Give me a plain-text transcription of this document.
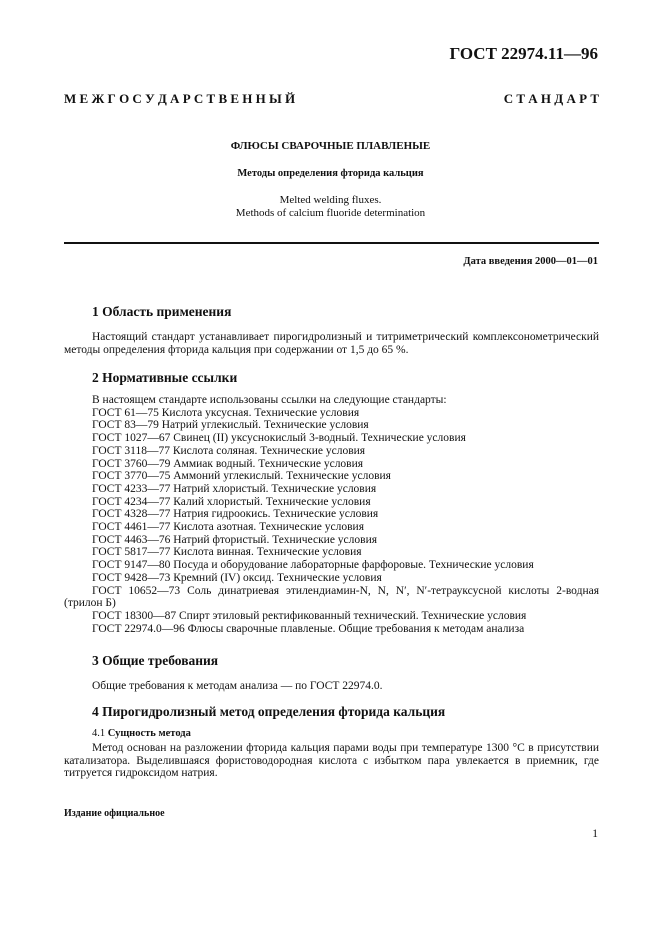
ГОСТ 22974.11—96
М Е Ж Г О С У Д А Р С Т В Е Н Н Ы Й	С Т А Н Д А Р Т
ФЛЮСЫ СВАРОЧНЫЕ ПЛАВЛЕНЫЕ
Методы определения фторида кальция
Melted welding fluxes.
Methods of calcium fluoride determination
Дата введения 2000—01—01
1 Область применения
Настоящий стандарт устанавливает пирогидролизный и титриметрический комплексонометрический методы определения фторида кальция при содержании от 1,5 до 65 %.
2 Нормативные ссылки
В настоящем стандарте использованы ссылки на следующие стандарты:
ГОСТ 61—75 Кислота уксусная. Технические условия
ГОСТ 83—79 Натрий углекислый. Технические условия
ГОСТ 1027—67 Свинец (II) уксуснокислый 3-водный. Технические условия
ГОСТ 3118—77 Кислота соляная. Технические условия
ГОСТ 3760—79 Аммиак водный. Технические условия
ГОСТ 3770—75 Аммоний углекислый. Технические условия
ГОСТ 4233—77 Натрий хлористый. Технические условия
ГОСТ 4234—77 Калий хлористый. Технические условия
ГОСТ 4328—77 Натрия гидроокись. Технические условия
ГОСТ 4461—77 Кислота азотная. Технические условия
ГОСТ 4463—76 Натрий фтористый. Технические условия
ГОСТ 5817—77 Кислота винная. Технические условия
ГОСТ 9147—80 Посуда и оборудование лабораторные фарфоровые. Технические условия
ГОСТ 9428—73 Кремний (IV) оксид. Технические условия
ГОСТ 10652—73 Соль динатриевая этилендиамин-N, N, N′, N′-тетрауксусной кислоты 2-водная (трилон Б)
ГОСТ 18300—87 Спирт этиловый ректификованный технический. Технические условия
ГОСТ 22974.0—96 Флюсы сварочные плавленые. Общие требования к методам анализа
3 Общие требования
Общие требования к методам анализа — по ГОСТ 22974.0.
4 Пирогидролизный метод определения фторида кальция
4.1 Сущность метода
Метод основан на разложении фторида кальция парами воды при температуре 1300 °С в присутствии катализатора. Выделившаяся фористоводородная кислота с избытком пара увлекается в приемник, где титруется гидроксидом натрия.
Издание официальное
1
